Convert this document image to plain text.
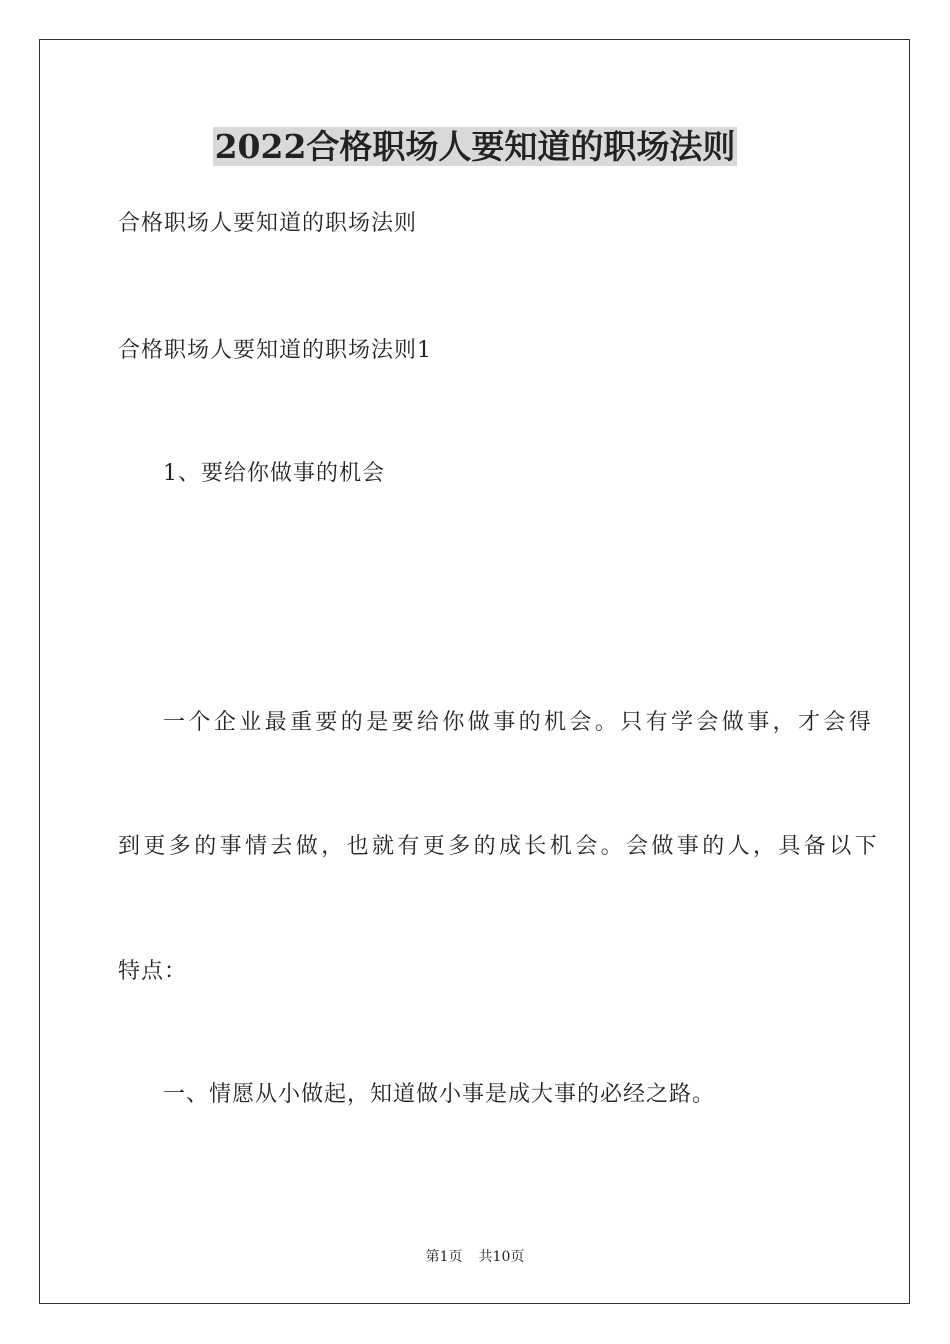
2022合格职场人要知道的职场法则
合格职场人要知道的职场法则
合格职场人要知道的职场法则1
1、要给你做事的机会
一个企业最重要的是要给你做事的机会。只有学会做事，才会得
到更多的事情去做，也就有更多的成长机会。会做事的人，具备以下
特点：
一、情愿从小做起，知道做小事是成大事的必经之路。
第1页 共10页
